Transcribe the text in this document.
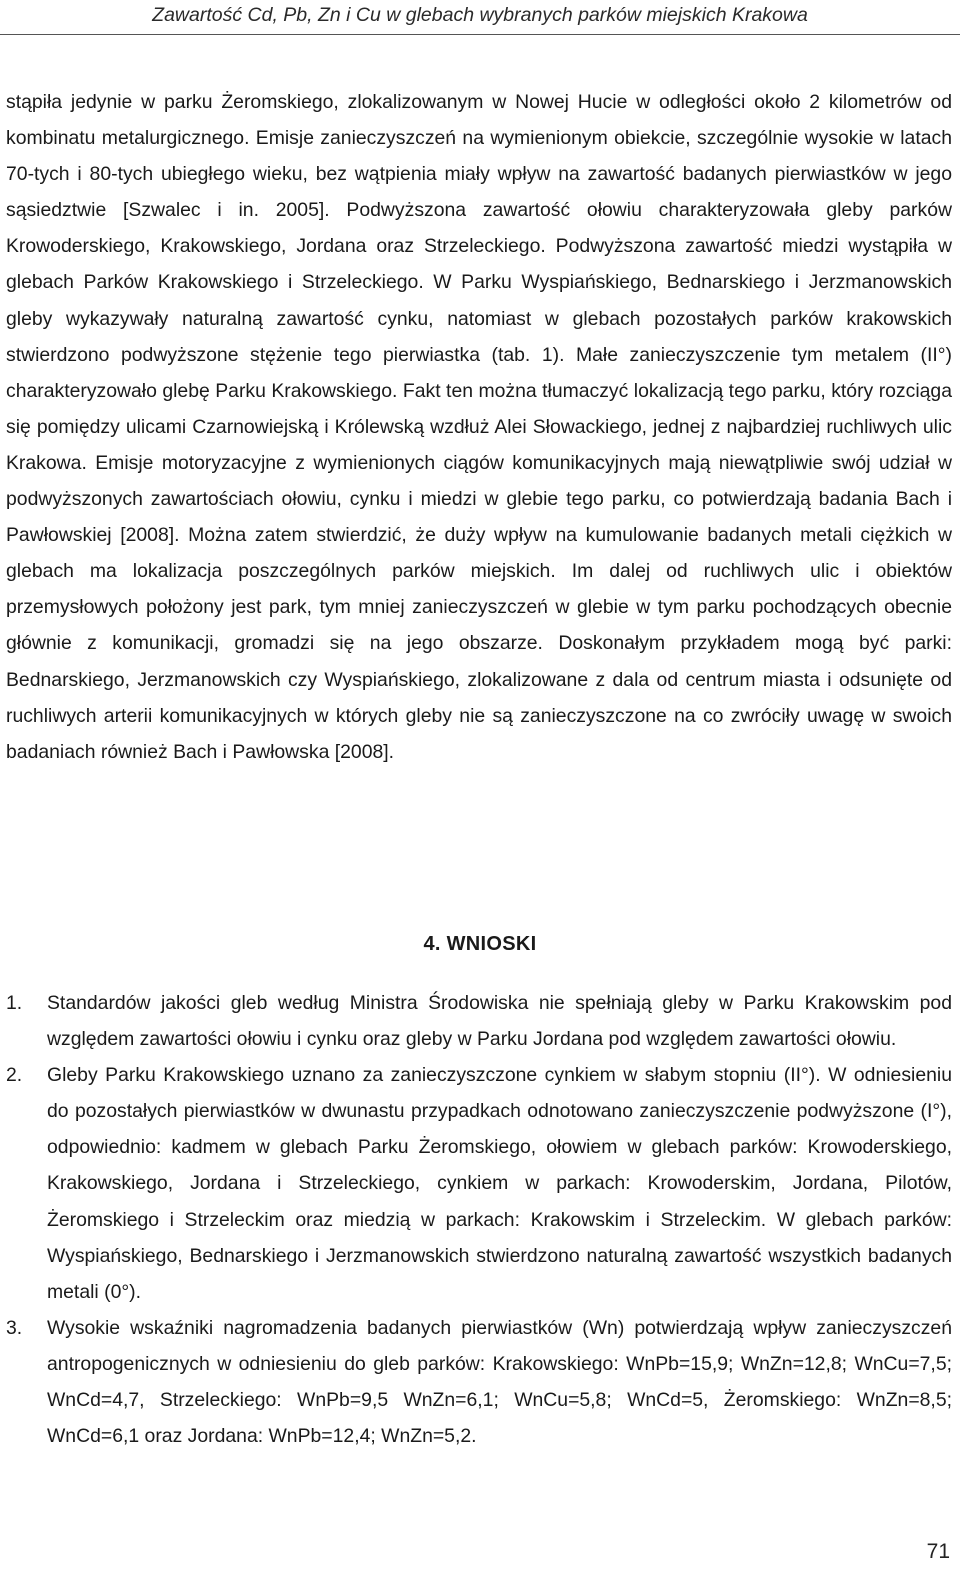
Zawartość Cd, Pb, Zn i Cu w glebach wybranych parków miejskich Krakowa

stąpiła jedynie w parku Żeromskiego, zlokalizowanym w Nowej Hucie w odległości około 2 kilometrów od kombinatu metalurgicznego. Emisje zanieczyszczeń na wymienionym obiekcie, szczególnie wysokie w latach 70-tych i 80-tych ubiegłego wieku, bez wątpienia miały wpływ na zawartość badanych pierwiastków w jego sąsiedztwie [Szwalec i in. 2005]. Podwyższona zawartość ołowiu charakteryzowała gleby parków Krowoderskiego, Krakowskiego, Jordana oraz Strzeleckiego. Podwyższona zawartość miedzi wystąpiła w glebach Parków Krakowskiego i Strzeleckiego. W Parku Wyspiańskiego, Bednarskiego i Jerzmanowskich gleby wykazywały naturalną zawartość cynku, natomiast w glebach pozostałych parków krakowskich stwierdzono podwyższone stężenie tego pierwiastka (tab. 1). Małe zanieczyszczenie tym metalem (II°) charakteryzowało glebę Parku Krakowskiego. Fakt ten można tłumaczyć lokalizacją tego parku, który rozciąga się pomiędzy ulicami Czarnowiejską i Królewską wzdłuż Alei Słowackiego, jednej z najbardziej ruchliwych ulic Krakowa. Emisje motoryzacyjne z wymienionych ciągów komunikacyjnych mają niewątpliwie swój udział w podwyższonych zawartościach ołowiu, cynku i miedzi w glebie tego parku, co potwierdzają badania Bach i Pawłowskiej [2008]. Można zatem stwierdzić, że duży wpływ na kumulowanie badanych metali ciężkich w glebach ma lokalizacja poszczególnych parków miejskich. Im dalej od ruchliwych ulic i obiektów przemysłowych położony jest park, tym mniej zanieczyszczeń w glebie w tym parku pochodzących obecnie głównie z komunikacji, gromadzi się na jego obszarze. Doskonałym przykładem mogą być parki: Bednarskiego, Jerzmanowskich czy Wyspiańskiego, zlokalizowane z dala od centrum miasta i odsunięte od ruchliwych arterii komunikacyjnych w których gleby nie są zanieczyszczone na co zwróciły uwagę w swoich badaniach również Bach i Pawłowska [2008].

4. WNIOSKI
1.	Standardów jakości gleb według Ministra Środowiska nie spełniają gleby w Parku Krakowskim pod względem zawartości ołowiu i cynku oraz gleby w Parku Jordana pod względem zawartości ołowiu.
2.	Gleby Parku Krakowskiego uznano za zanieczyszczone cynkiem w słabym stopniu (II°). W odniesieniu do pozostałych pierwiastków w dwunastu przypadkach odnotowano zanieczyszczenie podwyższone (I°), odpowiednio: kadmem w glebach Parku Żeromskiego, ołowiem w glebach parków: Krowoderskiego, Krakowskiego, Jordana i Strzeleckiego, cynkiem w parkach: Krowoderskim, Jordana, Pilotów, Żeromskiego i Strzeleckim oraz miedzią w parkach: Krakowskim i Strzeleckim. W glebach parków: Wyspiańskiego, Bednarskiego i Jerzmanowskich stwierdzono naturalną zawartość wszystkich badanych metali (0°).
3.	Wysokie wskaźniki nagromadzenia badanych pierwiastków (Wn) potwierdzają wpływ zanieczyszczeń antropogenicznych w odniesieniu do gleb parków: Krakowskiego: WnPb=15,9; WnZn=12,8; WnCu=7,5; WnCd=4,7, Strzeleckiego: WnPb=9,5 WnZn=6,1; WnCu=5,8; WnCd=5, Żeromskiego: WnZn=8,5; WnCd=6,1 oraz Jordana: WnPb=12,4; WnZn=5,2.
71
